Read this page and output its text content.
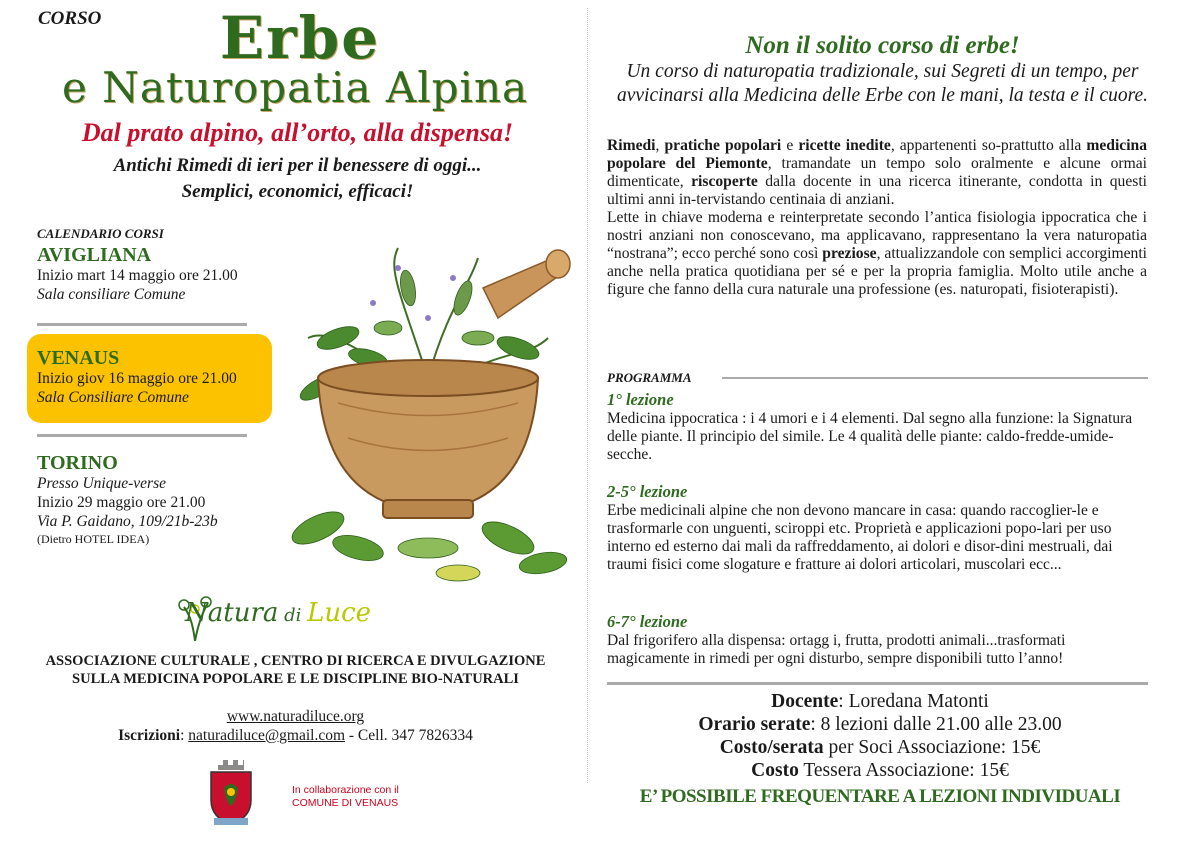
CORSO	Erbe
e Naturopatia Alpina
Dal prato alpino, all’orto, alla dispensa!
Antichi Rimedi di ieri per il benessere di oggi...
Semplici, economici, efficaci!
CALENDARIO CORSI
AVIGLIANA
Inizio mart 14 maggio ore 21.00
Sala consiliare Comune
VENAUS
Inizio giov 16 maggio ore 21.00
Sala Consiliare Comune
TORINO
Presso Unique-verse
Inizio 29 maggio ore 21.00
Via P. Gaidano, 109/21b-23b
(Dietro HOTEL IDEA)
Natura di Luce
ASSOCIAZIONE CULTURALE , CENTRO DI RICERCA E DIVULGAZIONE
SULLA MEDICINA POPOLARE E LE DISCIPLINE BIO-NATURALI
www.naturadiluce.org
Iscrizioni: naturadiluce@gmail.com - Cell. 347 7826334
In collaborazione con il
COMUNE DI VENAUS
Non il solito corso di erbe!
Un corso di naturopatia tradizionale, sui Segreti di un tempo, per avvicinarsi alla Medicina delle Erbe con le mani, la testa e il cuore.
Rimedi, pratiche popolari e ricette inedite, appartenenti so-prattutto alla medicina popolare del Piemonte, tramandate un tempo solo oralmente e alcune ormai dimenticate, riscoperte dalla docente in una ricerca itinerante, condotta in questi ultimi anni in-tervistando centinaia di anziani.
Lette in chiave moderna e reinterpretate secondo l’antica fisiologia ippocratica che i nostri anziani non conoscevano, ma applicavano, rappresentano la vera naturopatia “nostrana”; ecco perché sono così preziose, attualizzandole con semplici accorgimenti anche nella pratica quotidiana per sé e per la propria famiglia. Molto utile anche a figure che fanno della cura naturale una professione (es. naturopati, fisioterapisti).
PROGRAMMA
1° lezione
Medicina ippocratica : i 4 umori e i 4 elementi. Dal segno alla funzione: la Signatura delle piante. Il principio del simile. Le 4 qualità delle piante: caldo-fredde-umide-secche.
2-5° lezione
Erbe medicinali alpine che non devono mancare in casa: quando raccoglier-le e trasformarle con unguenti, sciroppi etc. Proprietà e applicazioni popo-lari per uso interno ed esterno dai mali da raffreddamento, ai dolori e disor-dini mestruali, dai traumi fisici come slogature e fratture ai dolori articolari, muscolari ecc...
6-7° lezione
Dal frigorifero alla dispensa: ortagg i, frutta, prodotti animali...trasformati magicamente in rimedi per ogni disturbo, sempre disponibili tutto l’anno!
Docente: Loredana Matonti
Orario serate: 8 lezioni dalle 21.00 alle 23.00
Costo/serata per Soci Associazione: 15€
Costo Tessera Associazione: 15€
E’ POSSIBILE FREQUENTARE A LEZIONI INDIVIDUALI
